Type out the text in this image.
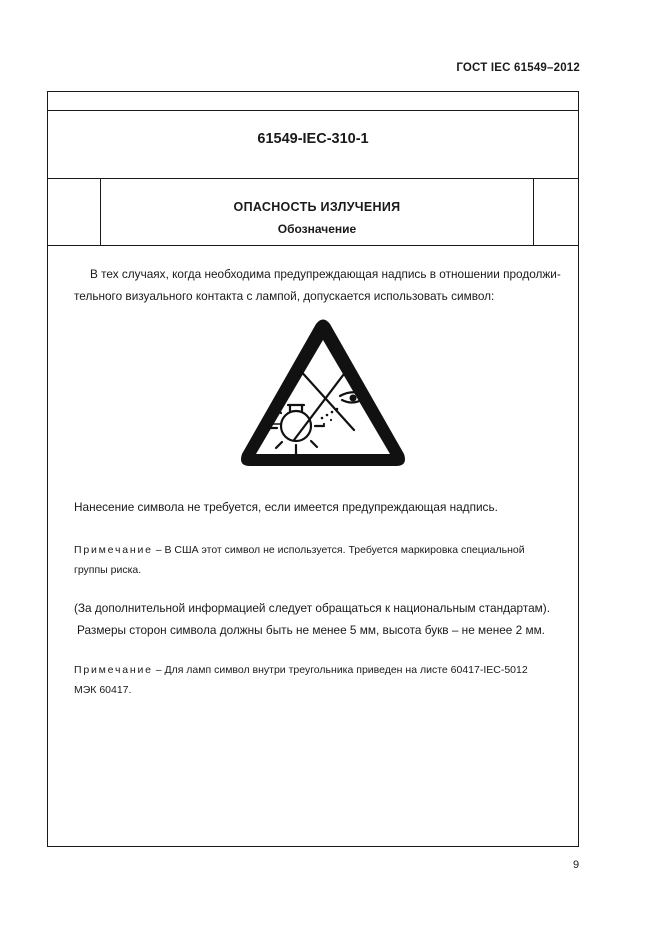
ГОСТ IEC 61549–2012
61549-IEC-310-1
ОПАСНОСТЬ ИЗЛУЧЕНИЯ
Обозначение
В тех случаях, когда необходима предупреждающая надпись в отношении продолжи-
тельного визуального контакта с лампой, допускается использовать символ:
Нанесение символа не требуется, если имеется предупреждающая надпись.
Примечание – В США этот символ не используется. Требуется маркировка специальной
группы риска.
(За дополнительной информацией следует обращаться к национальным стандартам).
Размеры сторон символа должны быть не менее 5 мм, высота букв – не менее 2 мм.
Примечание – Для ламп символ внутри треугольника приведен на листе 60417-IEC-5012
МЭК 60417.
9
